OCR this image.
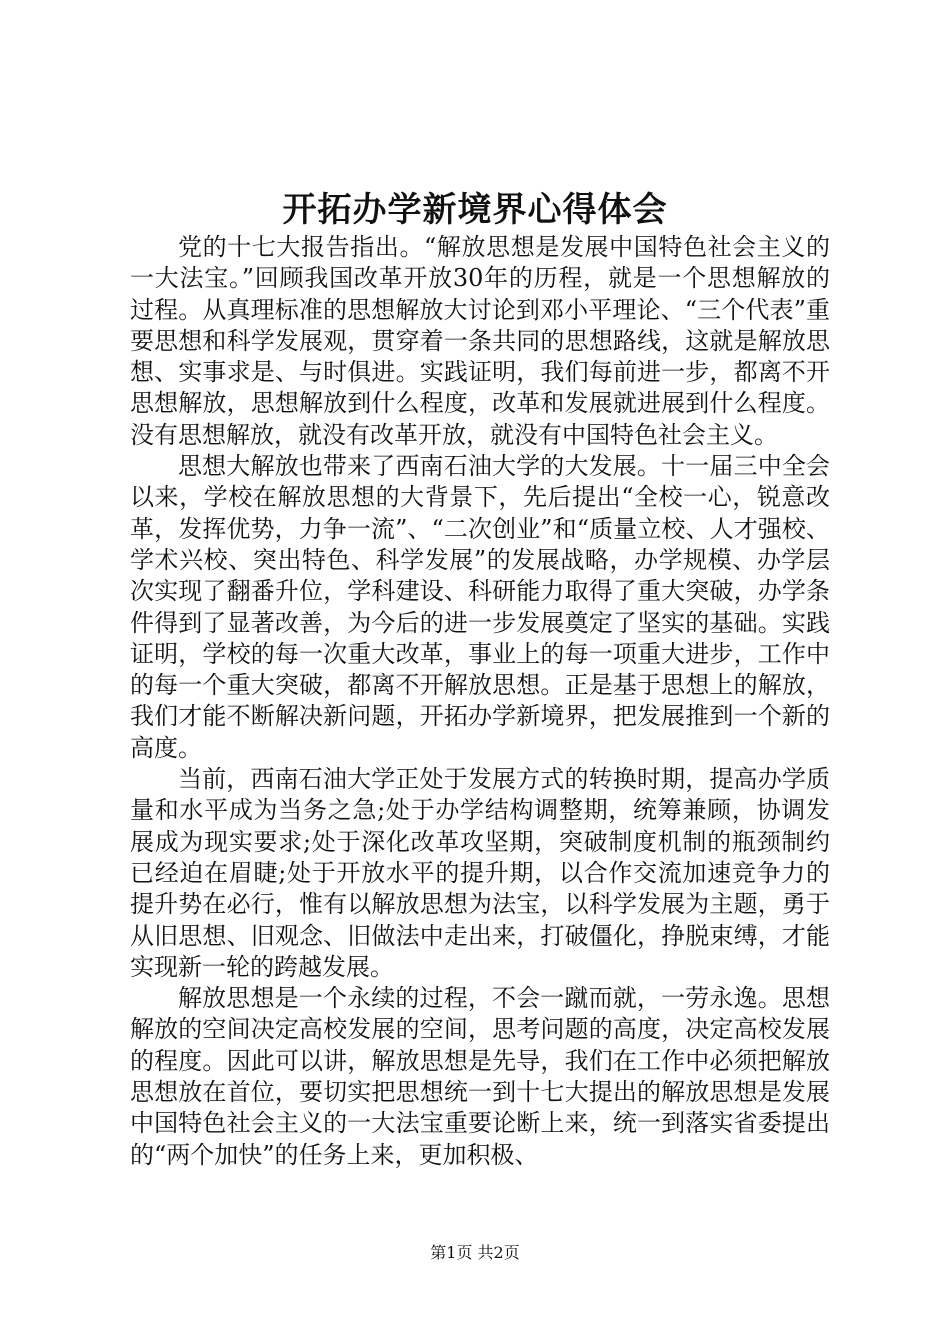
开拓办学新境界心得体会

党的十七大报告指出。“解放思想是发展中国特色社会主义的一大法宝。”回顾我国改革开放30年的历程，就是一个思想解放的过程。从真理标准的思想解放大讨论到邓小平理论、“三个代表”重要思想和科学发展观，贯穿着一条共同的思想路线，这就是解放思想、实事求是、与时俱进。实践证明，我们每前进一步，都离不开思想解放，思想解放到什么程度，改革和发展就进展到什么程度。没有思想解放，就没有改革开放，就没有中国特色社会主义。

思想大解放也带来了西南石油大学的大发展。十一届三中全会以来，学校在解放思想的大背景下，先后提出“全校一心，锐意改革，发挥优势，力争一流”、“二次创业”和“质量立校、人才强校、学术兴校、突出特色、科学发展”的发展战略，办学规模、办学层次实现了翻番升位，学科建设、科研能力取得了重大突破，办学条件得到了显著改善，为今后的进一步发展奠定了坚实的基础。实践证明，学校的每一次重大改革，事业上的每一项重大进步，工作中的每一个重大突破，都离不开解放思想。正是基于思想上的解放，我们才能不断解决新问题，开拓办学新境界，把发展推到一个新的高度。

当前，西南石油大学正处于发展方式的转换时期，提高办学质量和水平成为当务之急;处于办学结构调整期，统筹兼顾，协调发展成为现实要求;处于深化改革攻坚期，突破制度机制的瓶颈制约已经迫在眉睫;处于开放水平的提升期，以合作交流加速竞争力的提升势在必行，惟有以解放思想为法宝，以科学发展为主题，勇于从旧思想、旧观念、旧做法中走出来，打破僵化，挣脱束缚，才能实现新一轮的跨越发展。

解放思想是一个永续的过程，不会一蹴而就，一劳永逸。思想解放的空间决定高校发展的空间，思考问题的高度，决定高校发展的程度。因此可以讲，解放思想是先导，我们在工作中必须把解放思想放在首位，要切实把思想统一到十七大提出的解放思想是发展中国特色社会主义的一大法宝重要论断上来，统一到落实省委提出的“两个加快”的任务上来，更加积极、

第1页 共2页
